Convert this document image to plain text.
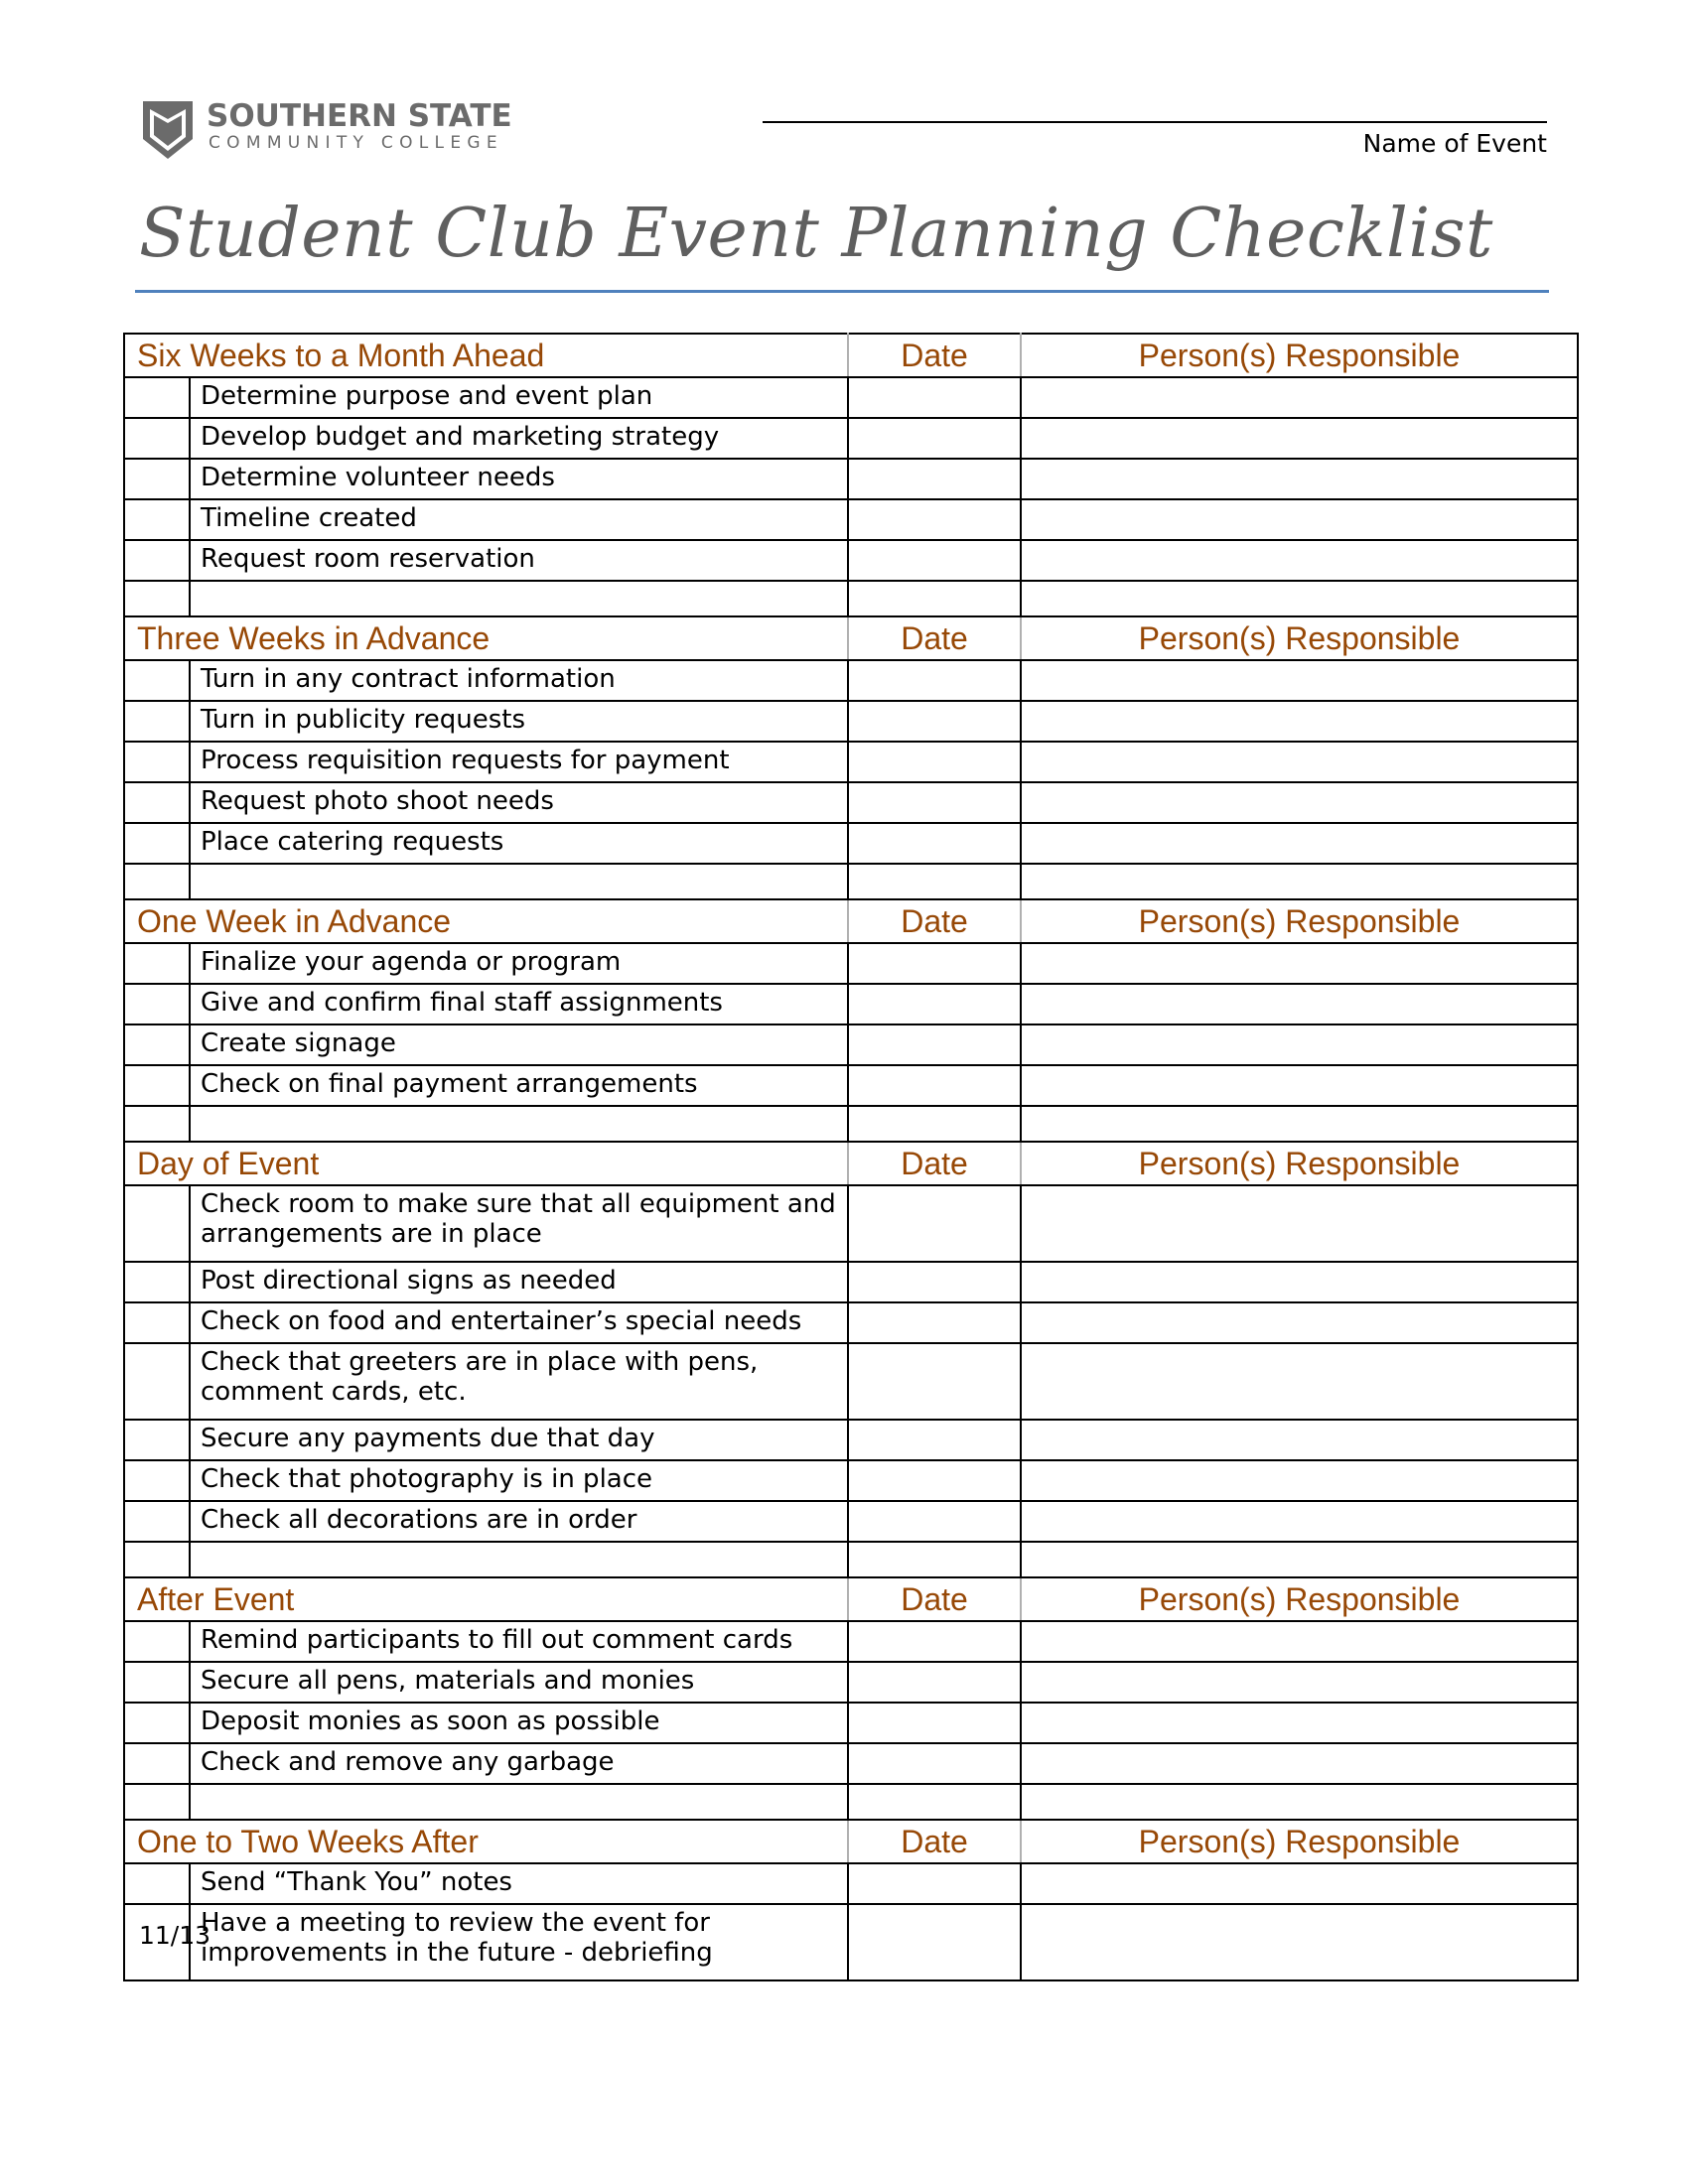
SOUTHERN STATE
COMMUNITY COLLEGE	Name of Event
Student Club Event Planning Checklist
Six Weeks to a Month Ahead		Date	Person(s) Responsible
	Determine purpose and event plan		
	Develop budget and marketing strategy		
	Determine volunteer needs		
	Timeline created		
	Request room reservation		

Three Weeks in Advance		Date	Person(s) Responsible
	Turn in any contract information		
	Turn in publicity requests		
	Process requisition requests for payment		
	Request photo shoot needs		
	Place catering requests		

One Week in Advance		Date	Person(s) Responsible
	Finalize your agenda or program		
	Give and confirm final staff assignments		
	Create signage		
	Check on final payment arrangements		

Day of Event		Date	Person(s) Responsible
	Check room to make sure that all equipment and arrangements are in place		
	Post directional signs as needed		
	Check on food and entertainer’s special needs		
	Check that greeters are in place with pens, comment cards, etc.		
	Secure any payments due that day		
	Check that photography is in place		
	Check all decorations are in order		

After Event		Date	Person(s) Responsible
	Remind participants to fill out comment cards		
	Secure all pens, materials and monies		
	Deposit monies as soon as possible		
	Check and remove any garbage		

One to Two Weeks After		Date	Person(s) Responsible
	Send “Thank You” notes		
	Have a meeting to review the event for improvements in the future - debriefing		
11/13
